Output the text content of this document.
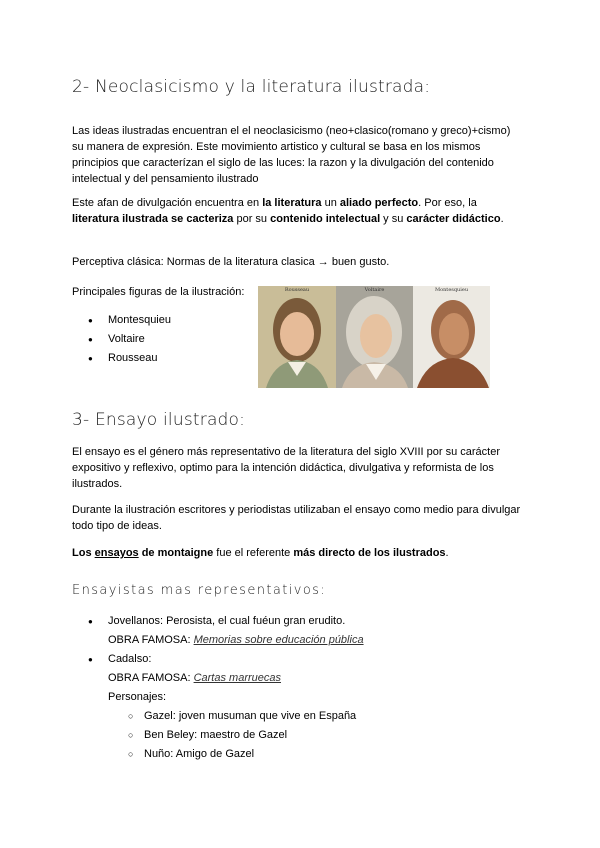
2- Neoclasicismo y la literatura ilustrada:
Las ideas ilustradas encuentran el el neoclasicismo (neo+clasico(romano y greco)+cismo) su manera de expresión. Este movimiento artistico y cultural se basa en los mismos principios que caracterízan el siglo de las luces: la razon y la divulgación del contenido intelectual y del pensamiento ilustrado
Este afan de divulgación encuentra en la literatura un aliado perfecto. Por eso, la literatura ilustrada se cacteriza por su contenido intelectual y su carácter didáctico.
Perceptiva clásica: Normas de la literatura clasica → buen gusto.
Principales figuras de la ilustración:
● Montesquieu
● Voltaire
● Rousseau
Rousseau	Voltaire	Montesquieu
3- Ensayo ilustrado:
El ensayo es el género más representativo de la literatura del siglo XVIII por su carácter expositivo y reflexivo, optimo para la intención didáctica, divulgativa y reformista de los ilustrados.
Durante la ilustración escritores y periodistas utilizaban el ensayo como medio para divulgar todo tipo de ideas.
Los ensayos de montaigne fue el referente más directo de los ilustrados.
Ensayistas mas representativos:
● Jovellanos: Perosista, el cual fuéun gran erudito.
OBRA FAMOSA: Memorias sobre educación pública
● Cadalso:
OBRA FAMOSA: Cartas marruecas
Personajes:
○ Gazel: joven musuman que vive en España
○ Ben Beley: maestro de Gazel
○ Nuño: Amigo de Gazel
